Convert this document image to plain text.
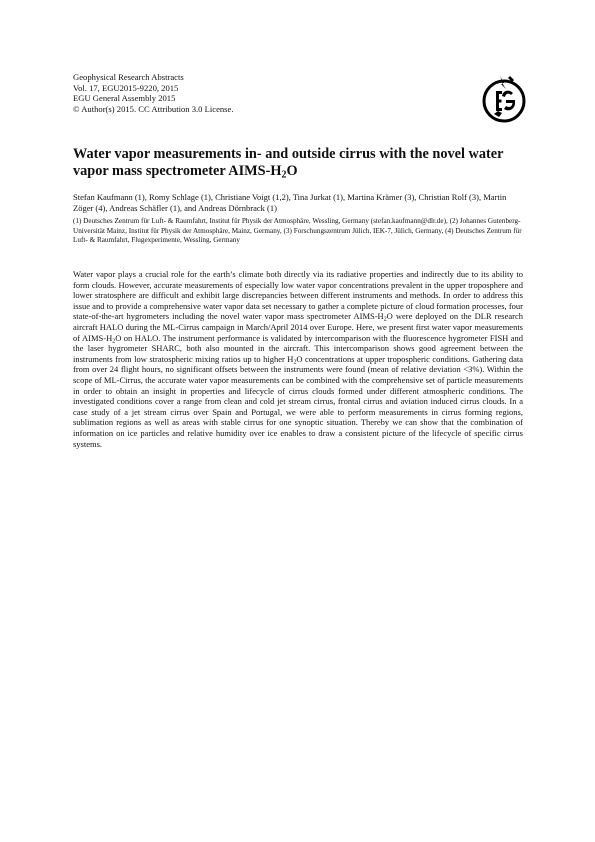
Geophysical Research Abstracts
Vol. 17, EGU2015-9220, 2015
EGU General Assembly 2015
© Author(s) 2015. CC Attribution 3.0 License.
Water vapor measurements in- and outside cirrus with the novel water vapor mass spectrometer AIMS-H2O
Stefan Kaufmann (1), Romy Schlage (1), Christiane Voigt (1,2), Tina Jurkat (1), Martina Krämer (3), Christian Rolf (3), Martin Zöger (4), Andreas Schäfler (1), and Andreas Dörnbrack (1)
(1) Deutsches Zentrum für Luft- & Raumfahrt, Institut für Physik der Atmosphäre, Wessling, Germany (stefan.kaufmann@dlr.de), (2) Johannes Gutenberg-Universität Mainz, Institut für Physik der Atmosphäre, Mainz, Germany, (3) Forschungszentrum Jülich, IEK-7, Jülich, Germany, (4) Deutsches Zentrum für Luft- & Raumfahrt, Flugexperimente, Wessling, Germany

Water vapor plays a crucial role for the earth’s climate both directly via its radiative properties and indirectly due to its ability to form clouds. However, accurate measurements of especially low water vapor concentrations prevalent in the upper troposphere and lower stratosphere are difficult and exhibit large discrepancies between different instruments and methods. In order to address this issue and to provide a comprehensive water vapor data set necessary to gather a complete picture of cloud formation processes, four state-of-the-art hygrometers including the novel water vapor mass spectrometer AIMS-$H_2O$ were deployed on the DLR research aircraft HALO during the ML-Cirrus campaign in March/April 2014 over Europe. Here, we present first water vapor measurements of AIMS-$H_2O$ on HALO. The instrument performance is validated by intercomparison with the fluorescence hygrometer FISH and the laser hygrometer SHARC, both also mounted in the aircraft. This intercomparison shows good agreement between the instruments from low stratospheric mixing ratios up to higher $H_2O$ concentrations at upper tropospheric conditions. Gathering data from over 24 flight hours, no significant offsets between the instruments were found (mean of relative deviation <3%). Within the scope of ML-Cirrus, the accurate water vapor measurements can be combined with the comprehensive set of particle measurements in order to obtain an insight in properties and lifecycle of cirrus clouds formed under different atmospheric conditions. The investigated conditions cover a range from clean and cold jet stream cirrus, frontal cirrus and aviation induced cirrus clouds. In a case study of a jet stream cirrus over Spain and Portugal, we were able to perform measurements in cirrus forming regions, sublimation regions as well as areas with stable cirrus for one synoptic situation. Thereby we can show that the combination of information on ice particles and relative humidity over ice enables to draw a consistent picture of the lifecycle of specific cirrus systems.
